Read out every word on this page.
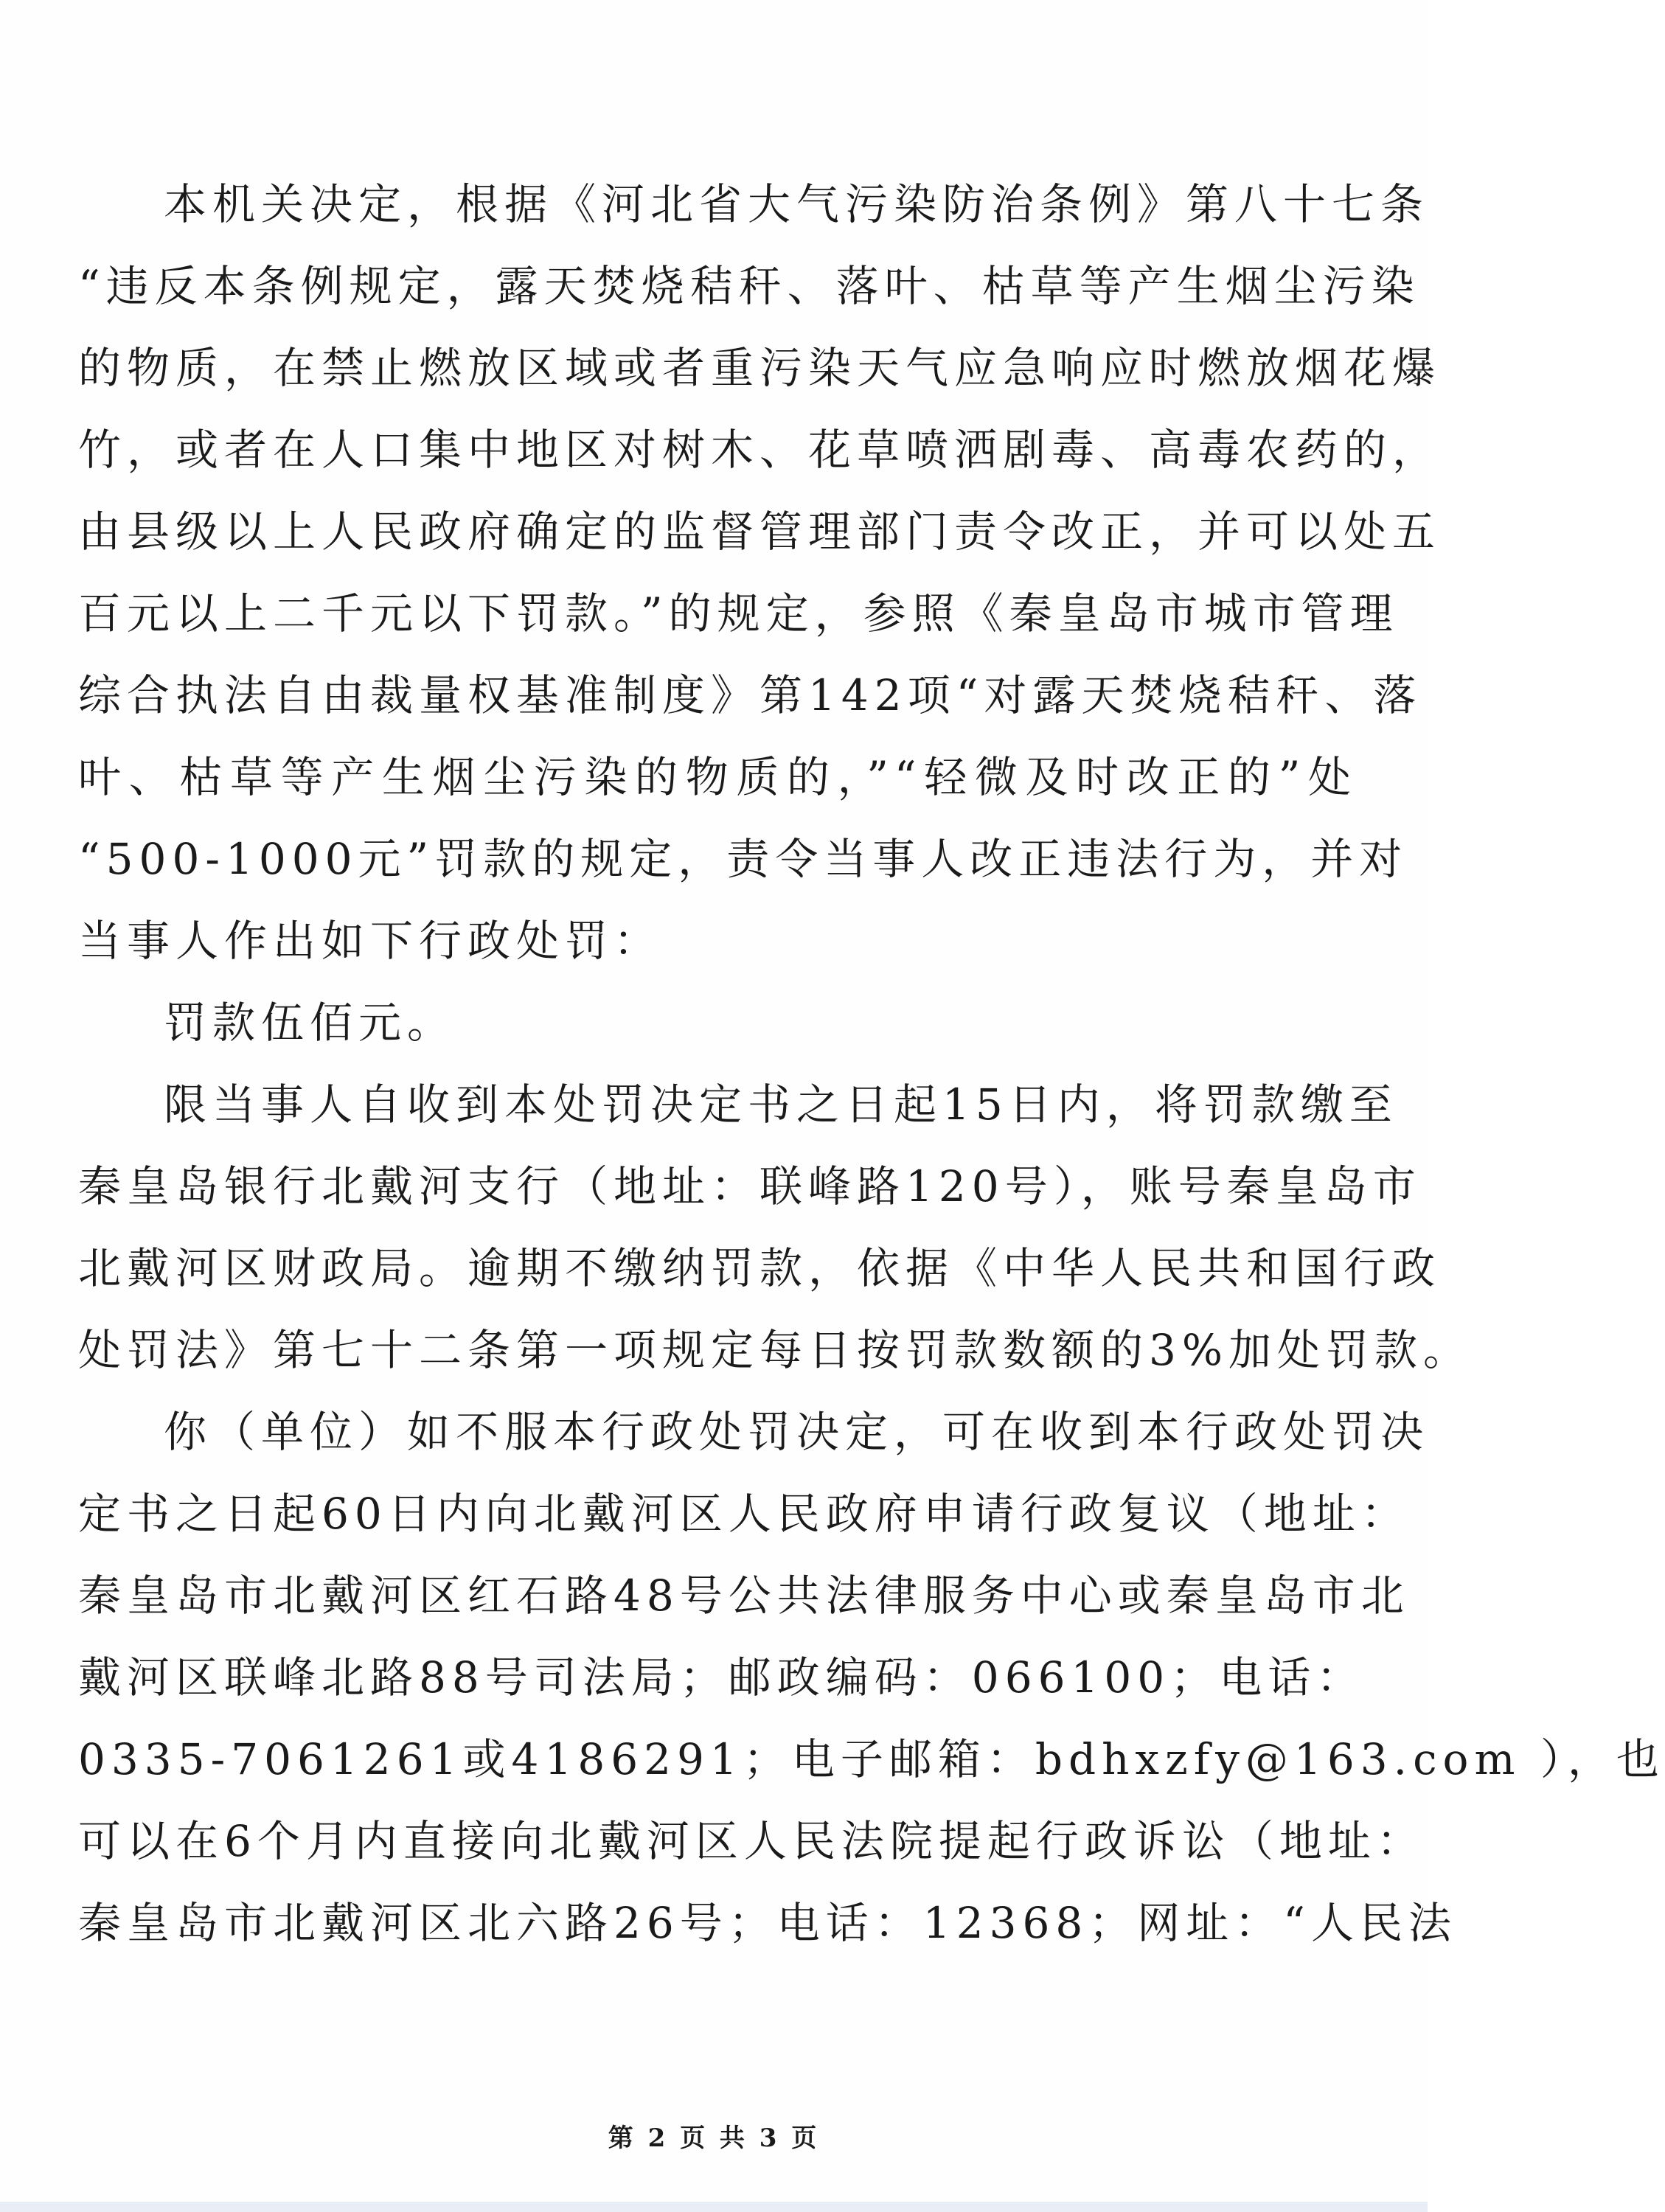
本机关决定，根据《河北省大气污染防治条例》第八十七条
“违反本条例规定，露天焚烧秸秆、落叶、枯草等产生烟尘污染
的物质，在禁止燃放区域或者重污染天气应急响应时燃放烟花爆
竹，或者在人口集中地区对树木、花草喷洒剧毒、高毒农药的，
由县级以上人民政府确定的监督管理部门责令改正，并可以处五
百元以上二千元以下罚款。”的规定，参照《秦皇岛市城市管理
综合执法自由裁量权基准制度》第142项“对露天焚烧秸秆、落
叶、枯草等产生烟尘污染的物质的，”“轻微及时改正的”处
“500-1000元”罚款的规定，责令当事人改正违法行为，并对
当事人作出如下行政处罚：
罚款伍佰元。
限当事人自收到本处罚决定书之日起15日内，将罚款缴至
秦皇岛银行北戴河支行（地址：联峰路120号），账号秦皇岛市
北戴河区财政局。逾期不缴纳罚款，依据《中华人民共和国行政
处罚法》第七十二条第一项规定每日按罚款数额的3%加处罚款。
你（单位）如不服本行政处罚决定，可在收到本行政处罚决
定书之日起60日内向北戴河区人民政府申请行政复议（地址：
秦皇岛市北戴河区红石路48号公共法律服务中心或秦皇岛市北
戴河区联峰北路88号司法局；邮政编码：066100；电话：
0335-7061261或4186291；电子邮箱：bdhxzfy@163.com ），也
可以在6个月内直接向北戴河区人民法院提起行政诉讼（地址：
秦皇岛市北戴河区北六路26号；电话：12368；网址：“人民法
第 2 页 共 3 页
